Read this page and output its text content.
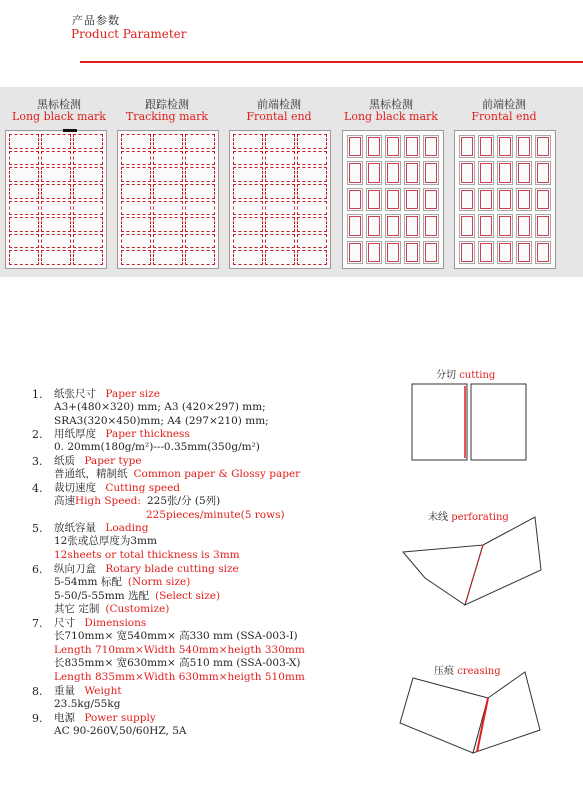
产品参数
Product Parameter
黑标检测
Long black mark
跟踪检测
Tracking mark
前端检测
Frontal end
黑标检测
Long black mark
前端检测
Frontal end
1. 纸张尺寸 Paper size
A3+(480×320) mm; A3 (420×297) mm;
SRA3(320×450)mm; A4 (297×210) mm;
2. 用纸厚度 Paper thickness
0. 20mm(180g/m²)---0.35mm(350g/m²)
3. 纸质 Paper type
普通纸，精制纸 Common paper & Glossy paper
4. 裁切速度 Cutting speed
高速High Speed: 225张/分 (5列)
225pieces/minute(5 rows)
5. 放纸容量 Loading
12张或总厚度为3mm
12sheets or total thickness is 3mm
6. 纵向刀盒 Rotary blade cutting size
5-54mm 标配 (Norm size)
5-50/5-55mm 选配 (Select size)
其它 定制 (Customize)
7. 尺寸 Dimensions
长710mm× 宽540mm× 高330 mm (SSA-003-I)
Length 710mm×Width 540mm×heigth 330mm
长835mm× 宽630mm× 高510 mm (SSA-003-X)
Length 835mm×Width 630mm×heigth 510mm
8. 重量 Weight
23.5kg/55kg
9. 电源 Power supply
AC 90-260V,50/60HZ, 5A
分切 cutting
未线 perforating
压痕 creasing
